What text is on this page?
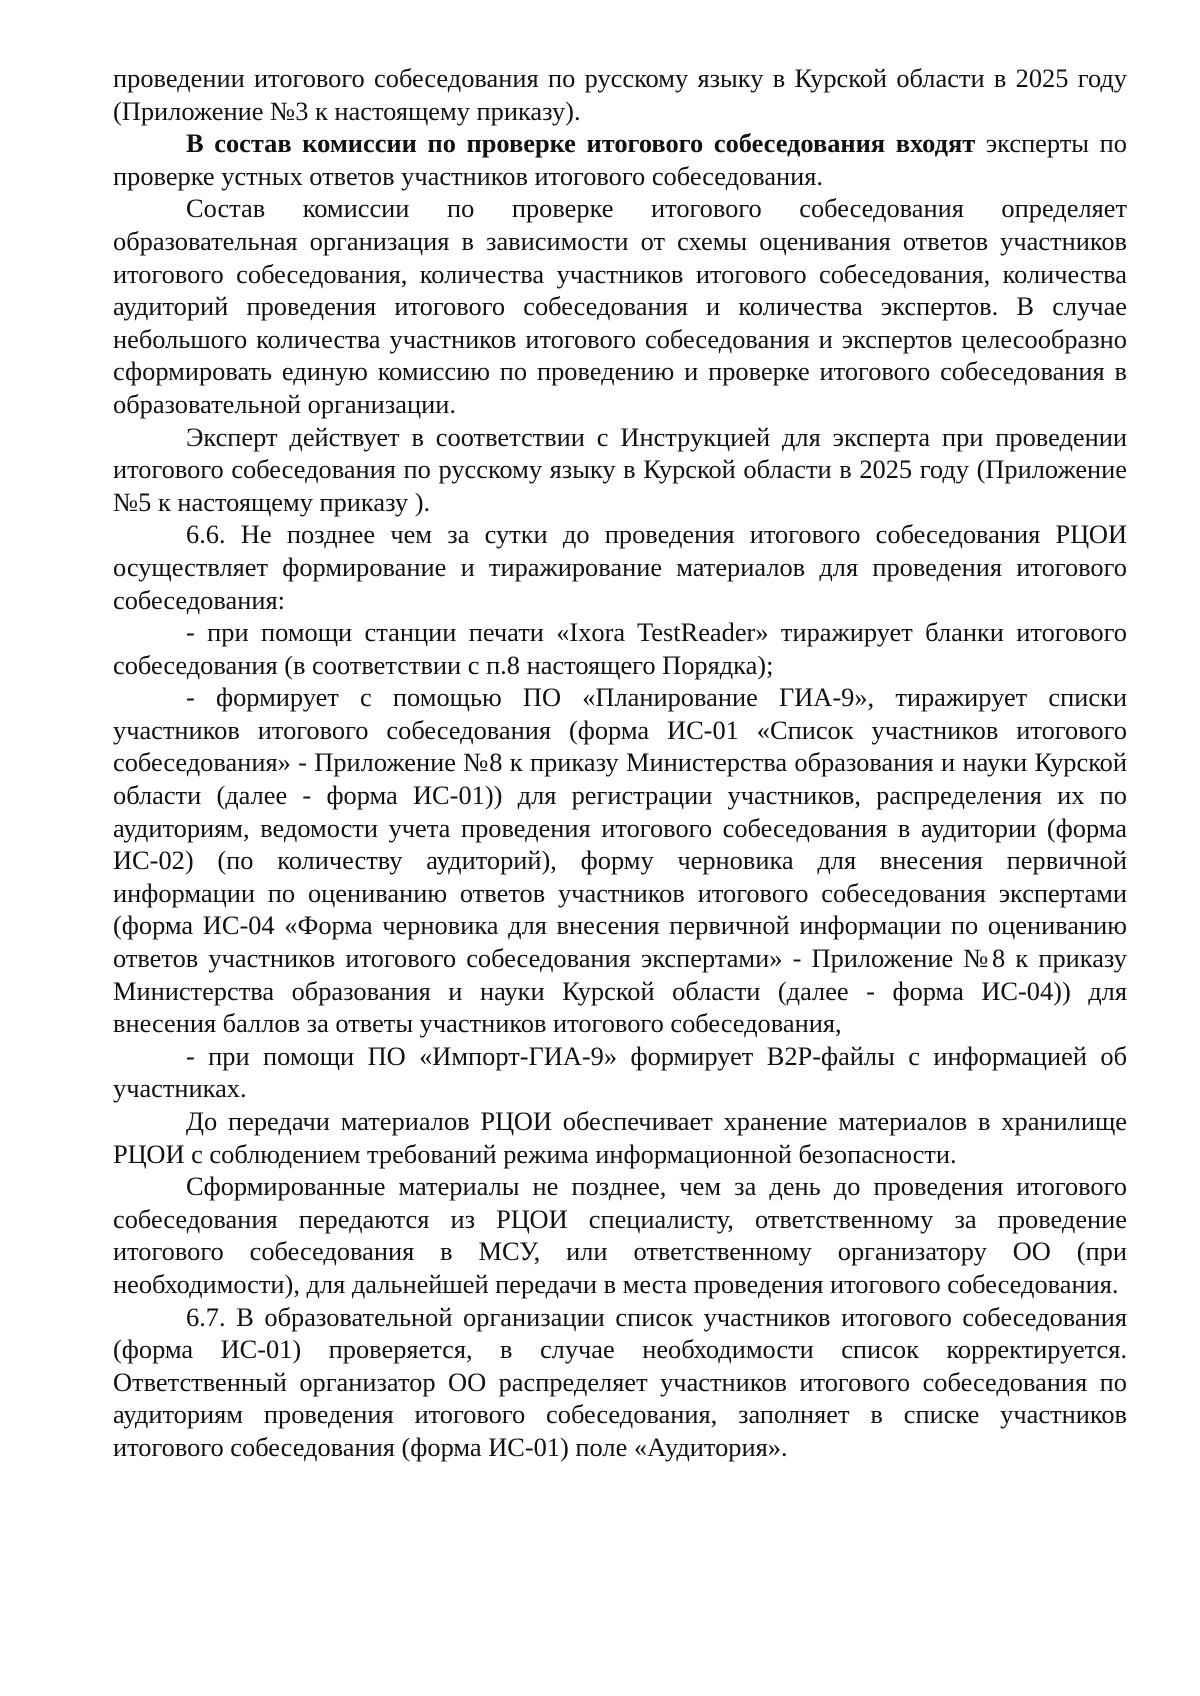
проведении итогового собеседования по русскому языку в Курской области в 2025 году (Приложение №3 к настоящему приказу).

В состав комиссии по проверке итогового собеседования входят эксперты по проверке устных ответов участников итогового собеседования.

Состав комиссии по проверке итогового собеседования определяет образовательная организация в зависимости от схемы оценивания ответов участников итогового собеседования, количества участников итогового собеседования, количества аудиторий проведения итогового собеседования и количества экспертов. В случае небольшого количества участников итогового собеседования и экспертов целесообразно сформировать единую комиссию по проведению и проверке итогового собеседования в образовательной организации.

Эксперт действует в соответствии с Инструкцией для эксперта при проведении итогового собеседования по русскому языку в Курской области в 2025 году (Приложение №5 к настоящему приказу ).

6.6. Не позднее чем за сутки до проведения итогового собеседования РЦОИ осуществляет формирование и тиражирование материалов для проведения итогового собеседования:

- при помощи станции печати «Ixora TestReader» тиражирует бланки итогового собеседования (в соответствии с п.8 настоящего Порядка);

- формирует с помощью ПО «Планирование ГИА-9», тиражирует списки участников итогового собеседования (форма ИС-01 «Список участников итогового собеседования» - Приложение №8 к приказу Министерства образования и науки Курской области (далее - форма ИС-01)) для регистрации участников, распределения их по аудиториям, ведомости учета проведения итогового собеседования в аудитории (форма ИС-02) (по количеству аудиторий), форму черновика для внесения первичной информации по оцениванию ответов участников итогового собеседования экспертами (форма ИС-04 «Форма черновика для внесения первичной информации по оцениванию ответов участников итогового собеседования экспертами» - Приложение №8 к приказу Министерства образования и науки Курской области (далее - форма ИС-04)) для внесения баллов за ответы участников итогового собеседования,

- при помощи ПО «Импорт-ГИА-9» формирует В2Р-файлы с информацией об участниках.

До передачи материалов РЦОИ обеспечивает хранение материалов в хранилище РЦОИ с соблюдением требований режима информационной безопасности.

Сформированные материалы не позднее, чем за день до проведения итогового собеседования передаются из РЦОИ специалисту, ответственному за проведение итогового собеседования в МСУ, или ответственному организатору ОО (при необходимости), для дальнейшей передачи в места проведения итогового собеседования.

6.7. В образовательной организации список участников итогового собеседования (форма ИС-01) проверяется, в случае необходимости список корректируется. Ответственный организатор ОО распределяет участников итогового собеседования по аудиториям проведения итогового собеседования, заполняет в списке участников итогового собеседования (форма ИС-01) поле «Аудитория».
